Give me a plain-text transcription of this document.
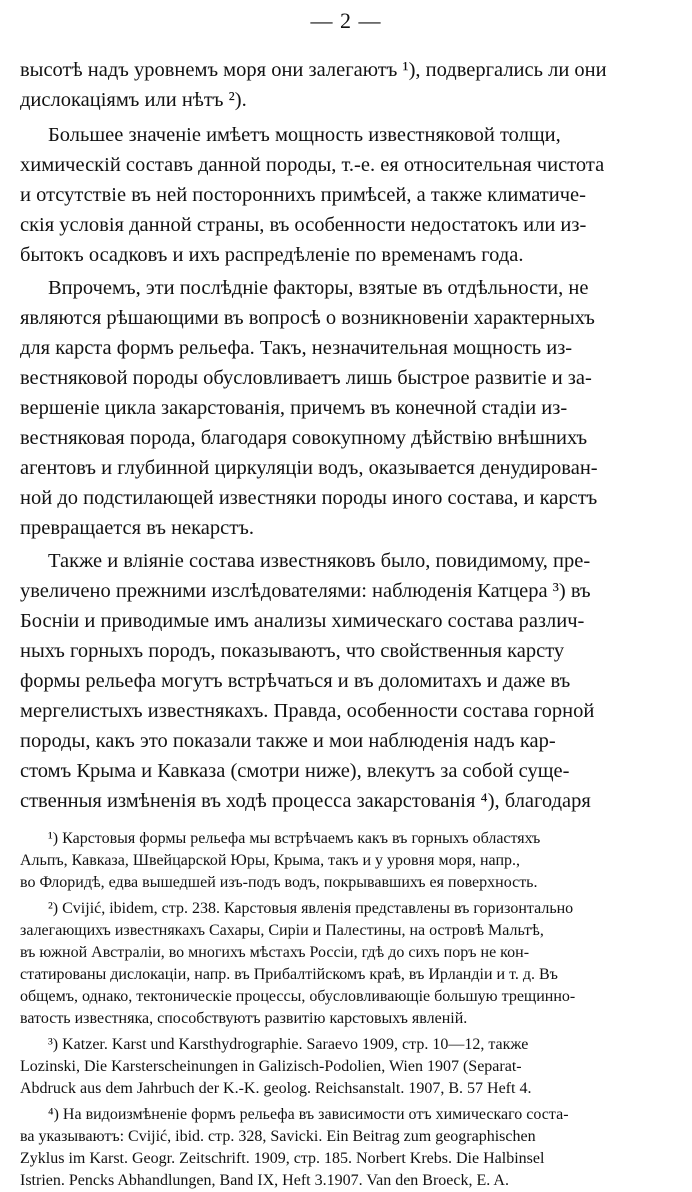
— 2 —
высотѣ надъ уровнемъ моря они залегаютъ ¹), подвергались ли они
дислокаціямъ или нѣтъ ²).
Большее значеніе имѣетъ мощность известняковой толщи,
химическій составъ данной породы, т.-е. ея относительная чистота
и отсутствіе въ ней постороннихъ примѣсей, а также климатиче-
скія условія данной страны, въ особенности недостатокъ или из-
бытокъ осадковъ и ихъ распредѣленіе по временамъ года.
Впрочемъ, эти послѣдніе факторы, взятые въ отдѣльности, не
являются рѣшающими въ вопросѣ о возникновеніи характерныхъ
для карста формъ рельефа. Такъ, незначительная мощность из-
вестняковой породы обусловливаетъ лишь быстрое развитіе и за-
вершеніе цикла закарстованія, причемъ въ конечной стадіи из-
вестняковая порода, благодаря совокупному дѣйствію внѣшнихъ
агентовъ и глубинной циркуляціи водъ, оказывается денудирован-
ной до подстилающей известняки породы иного состава, и карстъ
превращается въ некарстъ.
Также и вліяніе состава известняковъ было, повидимому, пре-
увеличено прежними изслѣдователями: наблюденія Катцера ³) въ
Босніи и приводимые имъ анализы химическаго состава различ-
ныхъ горныхъ породъ, показываютъ, что свойственныя карсту
формы рельефа могутъ встрѣчаться и въ доломитахъ и даже въ
мергелистыхъ известнякахъ. Правда, особенности состава горной
породы, какъ это показали также и мои наблюденія надъ кар-
стомъ Крыма и Кавказа (смотри ниже), влекутъ за собой суще-
ственныя измѣненія въ ходѣ процесса закарстованія ⁴), благодаря
¹) Карстовыя формы рельефа мы встрѣчаемъ какъ въ горныхъ областяхъ
Альпъ, Кавказа, Швейцарской Юры, Крыма, такъ и у уровня моря, напр.,
во Флоридѣ, едва вышедшей изъ-подъ водъ, покрывавшихъ ея поверхность.
²) Cvijić, ibidem, стр. 238. Карстовыя явленія представлены въ горизонтально
залегающихъ известнякахъ Сахары, Сиріи и Палестины, на островѣ Мальтѣ,
въ южной Австраліи, во многихъ мѣстахъ Россіи, гдѣ до сихъ поръ не кон-
статированы дислокаціи, напр. въ Прибалтійскомъ краѣ, въ Ирландіи и т. д. Въ
общемъ, однако, тектоническіе процессы, обусловливающіе большую трещинно-
ватость известняка, способствуютъ развитію карстовыхъ явленій.
³) Katzer. Karst und Karsthydrographie. Saraevo 1909, стр. 10—12, также
Lozinski, Die Karsterscheinungen in Galizisch-Podolien, Wien 1907 (Separat-
Abdruck aus dem Jahrbuch der K.-K. geolog. Reichsanstalt. 1907, B. 57 Heft 4.
⁴) На видоизмѣненіе формъ рельефа въ зависимости отъ химическаго соста-
ва указываютъ: Cvijić, ibid. стр. 328, Savicki. Ein Beitrag zum geographischen
Zyklus im Karst. Geogr. Zeitschrift. 1909, стр. 185. Norbert Krebs. Die Halbinsel
Istrien. Pencks Abhandlungen, Band IX, Heft 3.1907. Van den Broeck, E. A.
